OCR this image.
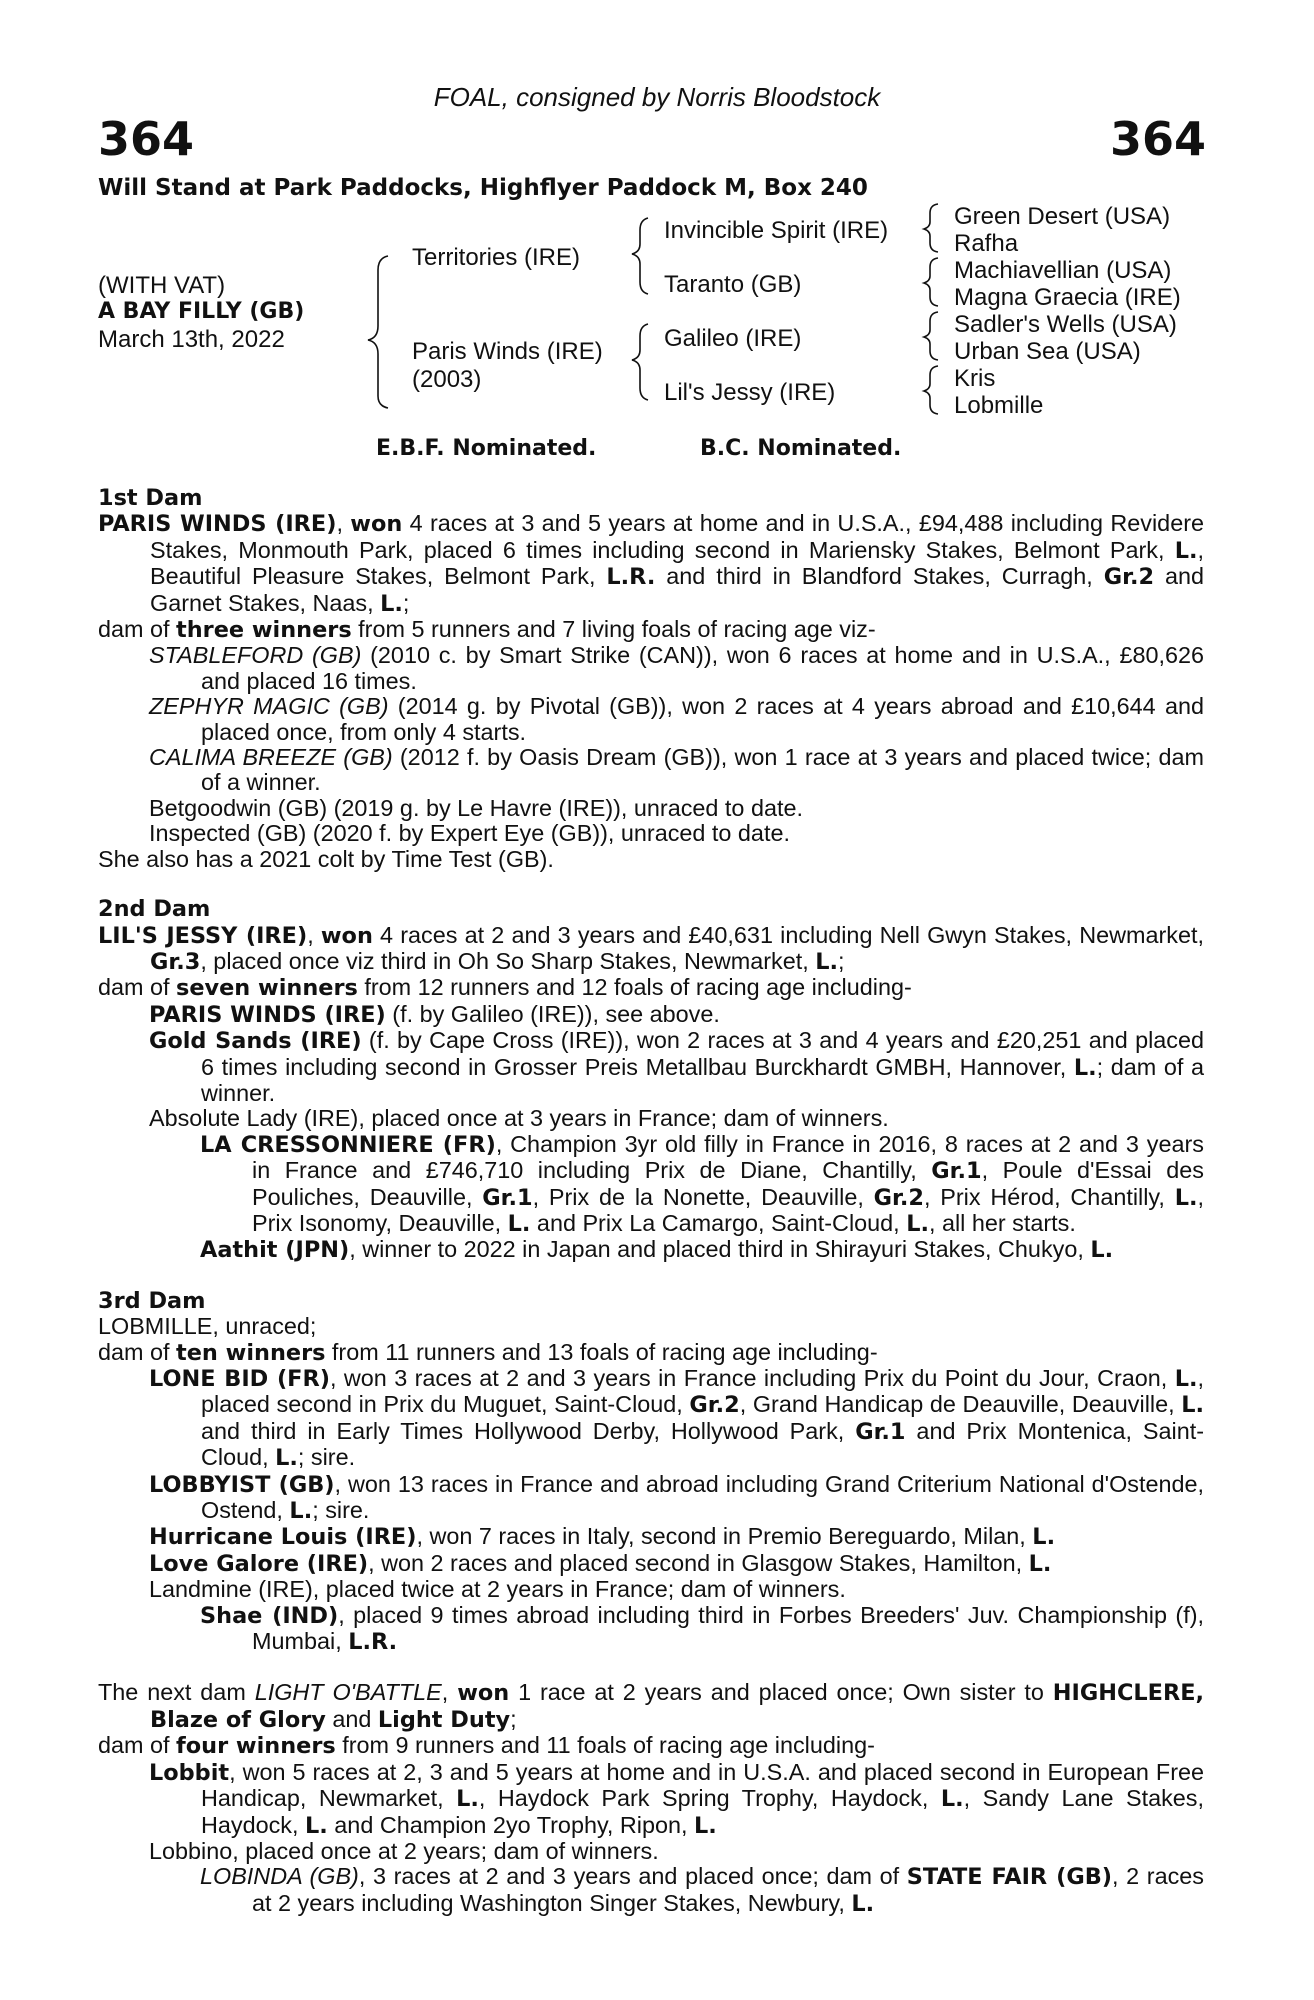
FOAL, consigned by Norris Bloodstock
364	364
Will Stand at Park Paddocks, Highflyer Paddock M, Box 240
(WITH VAT)
A BAY FILLY (GB)
March 13th, 2022
Territories (IRE)
Paris Winds (IRE)
(2003)
Invincible Spirit (IRE)
Taranto (GB)
Galileo (IRE)
Lil's Jessy (IRE)
Green Desert (USA)
Rafha
Machiavellian (USA)
Magna Graecia (IRE)
Sadler's Wells (USA)
Urban Sea (USA)
Kris
Lobmille
E.B.F. Nominated.	B.C. Nominated.
1st Dam
PARIS WINDS (IRE), won 4 races at 3 and 5 years at home and in U.S.A., £94,488 including Revidere Stakes, Monmouth Park, placed 6 times including second in Mariensky Stakes, Belmont Park, L., Beautiful Pleasure Stakes, Belmont Park, L.R. and third in Blandford Stakes, Curragh, Gr.2 and Garnet Stakes, Naas, L.;
dam of three winners from 5 runners and 7 living foals of racing age viz-
STABLEFORD (GB) (2010 c. by Smart Strike (CAN)), won 6 races at home and in U.S.A., £80,626 and placed 16 times.
ZEPHYR MAGIC (GB) (2014 g. by Pivotal (GB)), won 2 races at 4 years abroad and £10,644 and placed once, from only 4 starts.
CALIMA BREEZE (GB) (2012 f. by Oasis Dream (GB)), won 1 race at 3 years and placed twice; dam of a winner.
Betgoodwin (GB) (2019 g. by Le Havre (IRE)), unraced to date.
Inspected (GB) (2020 f. by Expert Eye (GB)), unraced to date.
She also has a 2021 colt by Time Test (GB).
2nd Dam
LIL'S JESSY (IRE), won 4 races at 2 and 3 years and £40,631 including Nell Gwyn Stakes, Newmarket, Gr.3, placed once viz third in Oh So Sharp Stakes, Newmarket, L.;
dam of seven winners from 12 runners and 12 foals of racing age including-
PARIS WINDS (IRE) (f. by Galileo (IRE)), see above.
Gold Sands (IRE) (f. by Cape Cross (IRE)), won 2 races at 3 and 4 years and £20,251 and placed 6 times including second in Grosser Preis Metallbau Burckhardt GMBH, Hannover, L.; dam of a winner.
Absolute Lady (IRE), placed once at 3 years in France; dam of winners.
LA CRESSONNIERE (FR), Champion 3yr old filly in France in 2016, 8 races at 2 and 3 years in France and £746,710 including Prix de Diane, Chantilly, Gr.1, Poule d'Essai des Pouliches, Deauville, Gr.1, Prix de la Nonette, Deauville, Gr.2, Prix Hérod, Chantilly, L., Prix Isonomy, Deauville, L. and Prix La Camargo, Saint-Cloud, L., all her starts.
Aathit (JPN), winner to 2022 in Japan and placed third in Shirayuri Stakes, Chukyo, L.
3rd Dam
LOBMILLE, unraced;
dam of ten winners from 11 runners and 13 foals of racing age including-
LONE BID (FR), won 3 races at 2 and 3 years in France including Prix du Point du Jour, Craon, L., placed second in Prix du Muguet, Saint-Cloud, Gr.2, Grand Handicap de Deauville, Deauville, L. and third in Early Times Hollywood Derby, Hollywood Park, Gr.1 and Prix Montenica, Saint-Cloud, L.; sire.
LOBBYIST (GB), won 13 races in France and abroad including Grand Criterium National d'Ostende, Ostend, L.; sire.
Hurricane Louis (IRE), won 7 races in Italy, second in Premio Bereguardo, Milan, L.
Love Galore (IRE), won 2 races and placed second in Glasgow Stakes, Hamilton, L.
Landmine (IRE), placed twice at 2 years in France; dam of winners.
Shae (IND), placed 9 times abroad including third in Forbes Breeders' Juv. Championship (f), Mumbai, L.R.
The next dam LIGHT O'BATTLE, won 1 race at 2 years and placed once; Own sister to HIGHCLERE, Blaze of Glory and Light Duty;
dam of four winners from 9 runners and 11 foals of racing age including-
Lobbit, won 5 races at 2, 3 and 5 years at home and in U.S.A. and placed second in European Free Handicap, Newmarket, L., Haydock Park Spring Trophy, Haydock, L., Sandy Lane Stakes, Haydock, L. and Champion 2yo Trophy, Ripon, L.
Lobbino, placed once at 2 years; dam of winners.
LOBINDA (GB), 3 races at 2 and 3 years and placed once; dam of STATE FAIR (GB), 2 races at 2 years including Washington Singer Stakes, Newbury, L.
